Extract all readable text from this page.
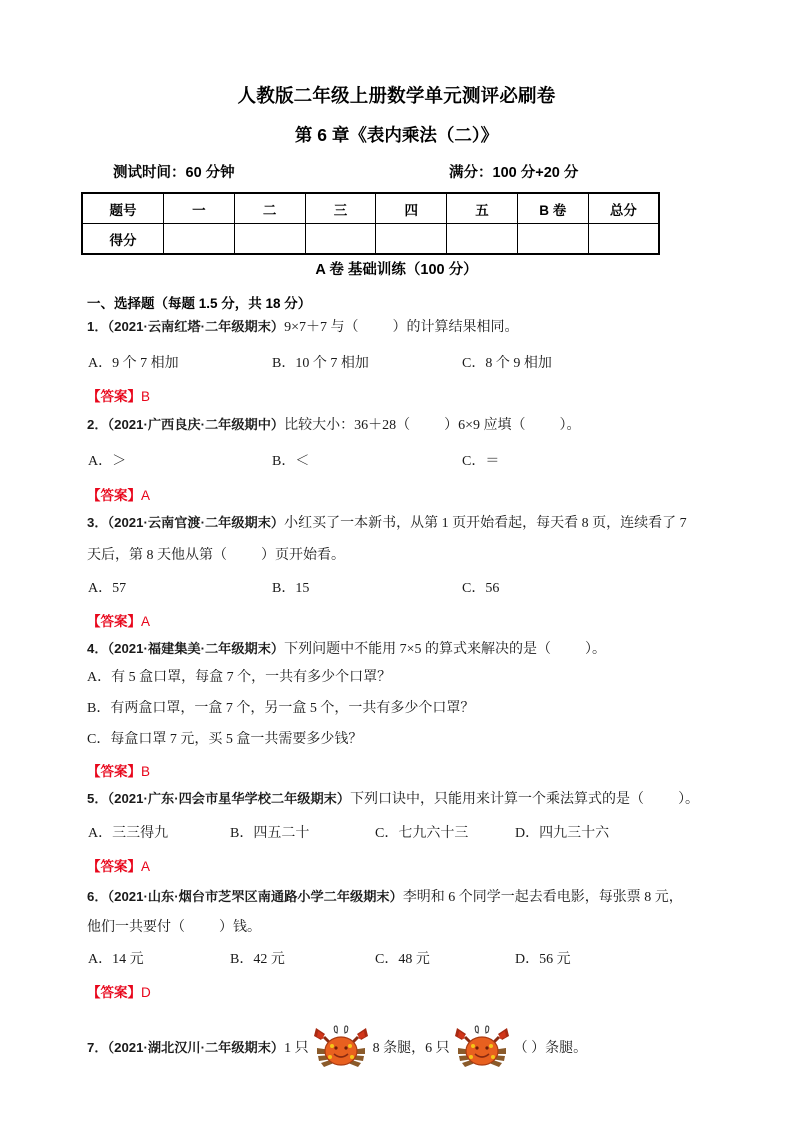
人教版二年级上册数学单元测评必刷卷
第 6 章《表内乘法（二）》
测试时间：60 分钟	满分：100 分+20 分
题号	一	二	三	四	五	B 卷	总分
得分							
A 卷 基础训练（100 分）
一、选择题（每题 1.5 分，共 18 分）
1．（2021·云南红塔·二年级期末）9×7＋7 与（ ）的计算结果相同。
A．9 个 7 相加	B．10 个 7 相加	C．8 个 9 相加
【答案】B
2．（2021·广西良庆·二年级期中）比较大小：36＋28（ ）6×9 应填（ ）。
A．＞	B．＜	C．＝
【答案】A
3．（2021·云南官渡·二年级期末）小红买了一本新书，从第 1 页开始看起，每天看 8 页，连续看了 7
天后，第 8 天他从第（ ）页开始看。
A．57	B．15	C．56
【答案】A
4．（2021·福建集美·二年级期末）下列问题中不能用 7×5 的算式来解决的是（ ）。
A．有 5 盒口罩，每盒 7 个，一共有多少个口罩？
B．有两盒口罩，一盒 7 个，另一盒 5 个，一共有多少个口罩？
C．每盒口罩 7 元，买 5 盒一共需要多少钱？
【答案】B
5．（2021·广东·四会市星华学校二年级期末）下列口诀中，只能用来计算一个乘法算式的是（ ）。
A．三三得九	B．四五二十	C．七九六十三	D．四九三十六
【答案】A
6．（2021·山东·烟台市芝罘区南通路小学二年级期末）李明和 6 个同学一起去看电影，每张票 8 元，
他们一共要付（ ）钱。
A．14 元	B．42 元	C．48 元	D．56 元
【答案】D
7．（2021·湖北汉川·二年级期末）1 只	8 条腿，6 只	（ ）条腿。
